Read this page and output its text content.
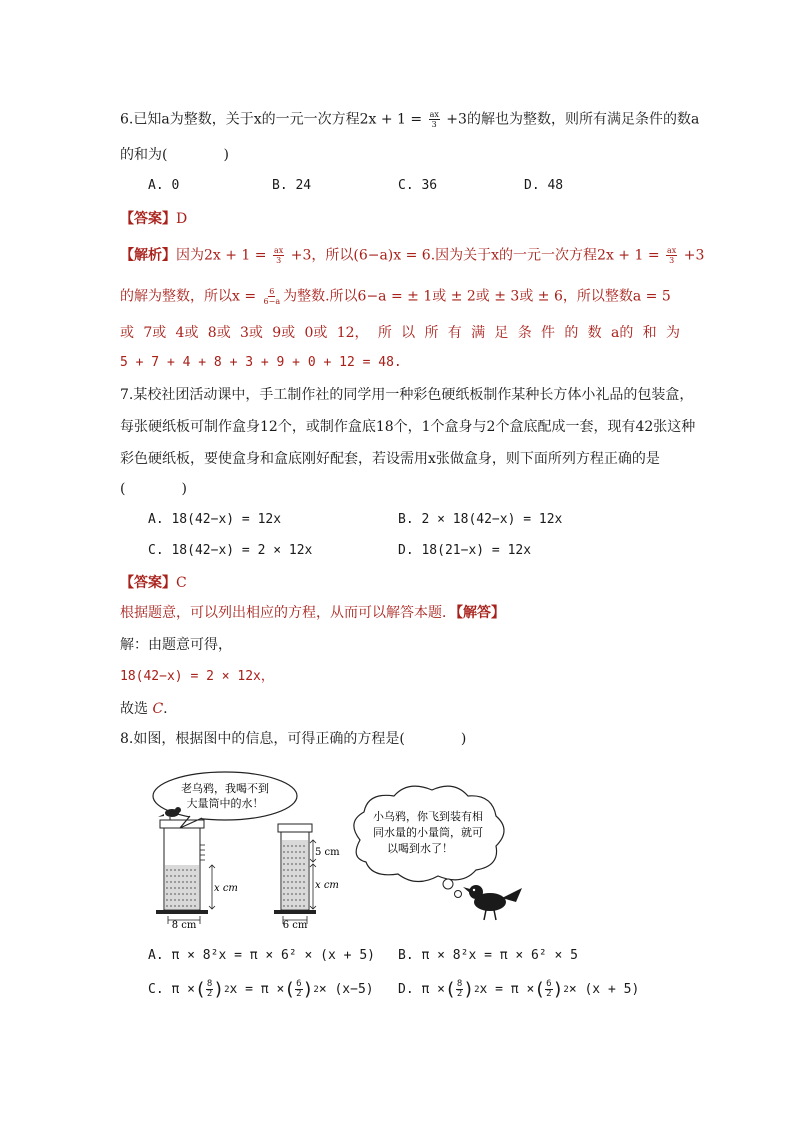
6.已知a为整数，关于x的一元一次方程$2x + 1 = \frac{ax}{3} +3$的解也为整数，则所有满足条件的数a
的和为(　　　　)
A. 0	B. 24	C. 36	D. 48
【答案】D
【解析】因为$2x + 1 = \frac{ax}{3} +3$，所以(6−a)x = 6.因为关于x的一元一次方程$2x + 1 = \frac{ax}{3} +3$
的解为整数，所以$x = \frac{6}{6-a}$ 为整数.所以6−a = ± 1或 ± 2或 ± 3或 ± 6，所以整数a = 5
或 7或 4或 8或 3或 9或 0或 12， 所 以 所 有 满 足 条 件 的 数 a的 和 为
5 + 7 + 4 + 8 + 3 + 9 + 0 + 12 = 48.
7.某校社团活动课中，手工制作社的同学用一种彩色硬纸板制作某种长方体小礼品的包装盒，
每张硬纸板可制作盒身12个，或制作盒底18个，1个盒身与2个盒底配成一套，现有42张这种
彩色硬纸板，要使盒身和盒底刚好配套，若设需用x张做盒身，则下面所列方程正确的是
(　　　　)
A. 18(42−x) = 12x	B. 2 × 18(42−x) = 12x
C. 18(42−x) = 2 × 12x	D. 18(21−x) = 12x
【答案】C
根据题意，可以列出相应的方程，从而可以解答本题．【解答】
解：由题意可得，
18(42−x) = 2 × 12x，
故选 C.
8.如图，根据图中的信息，可得正确的方程是(　　　　)
老乌鸦，我喝不到
大量筒中的水！
x cm
8 cm
5 cm
x cm
6 cm
小乌鸦，你飞到装有相
同水量的小量筒，就可
以喝到水了！
A. π × 8²x = π × 6² × (x + 5) B. π × 8²x = π × 6² × 5
C. π × ( $\frac{8}{2}$ ) 2 x = π × ( $\frac{6}{2}$ ) 2 × (x−5) D. π × ( $\frac{8}{2}$ ) 2 x = π × ( $\frac{6}{2}$ ) 2 × (x + 5)
